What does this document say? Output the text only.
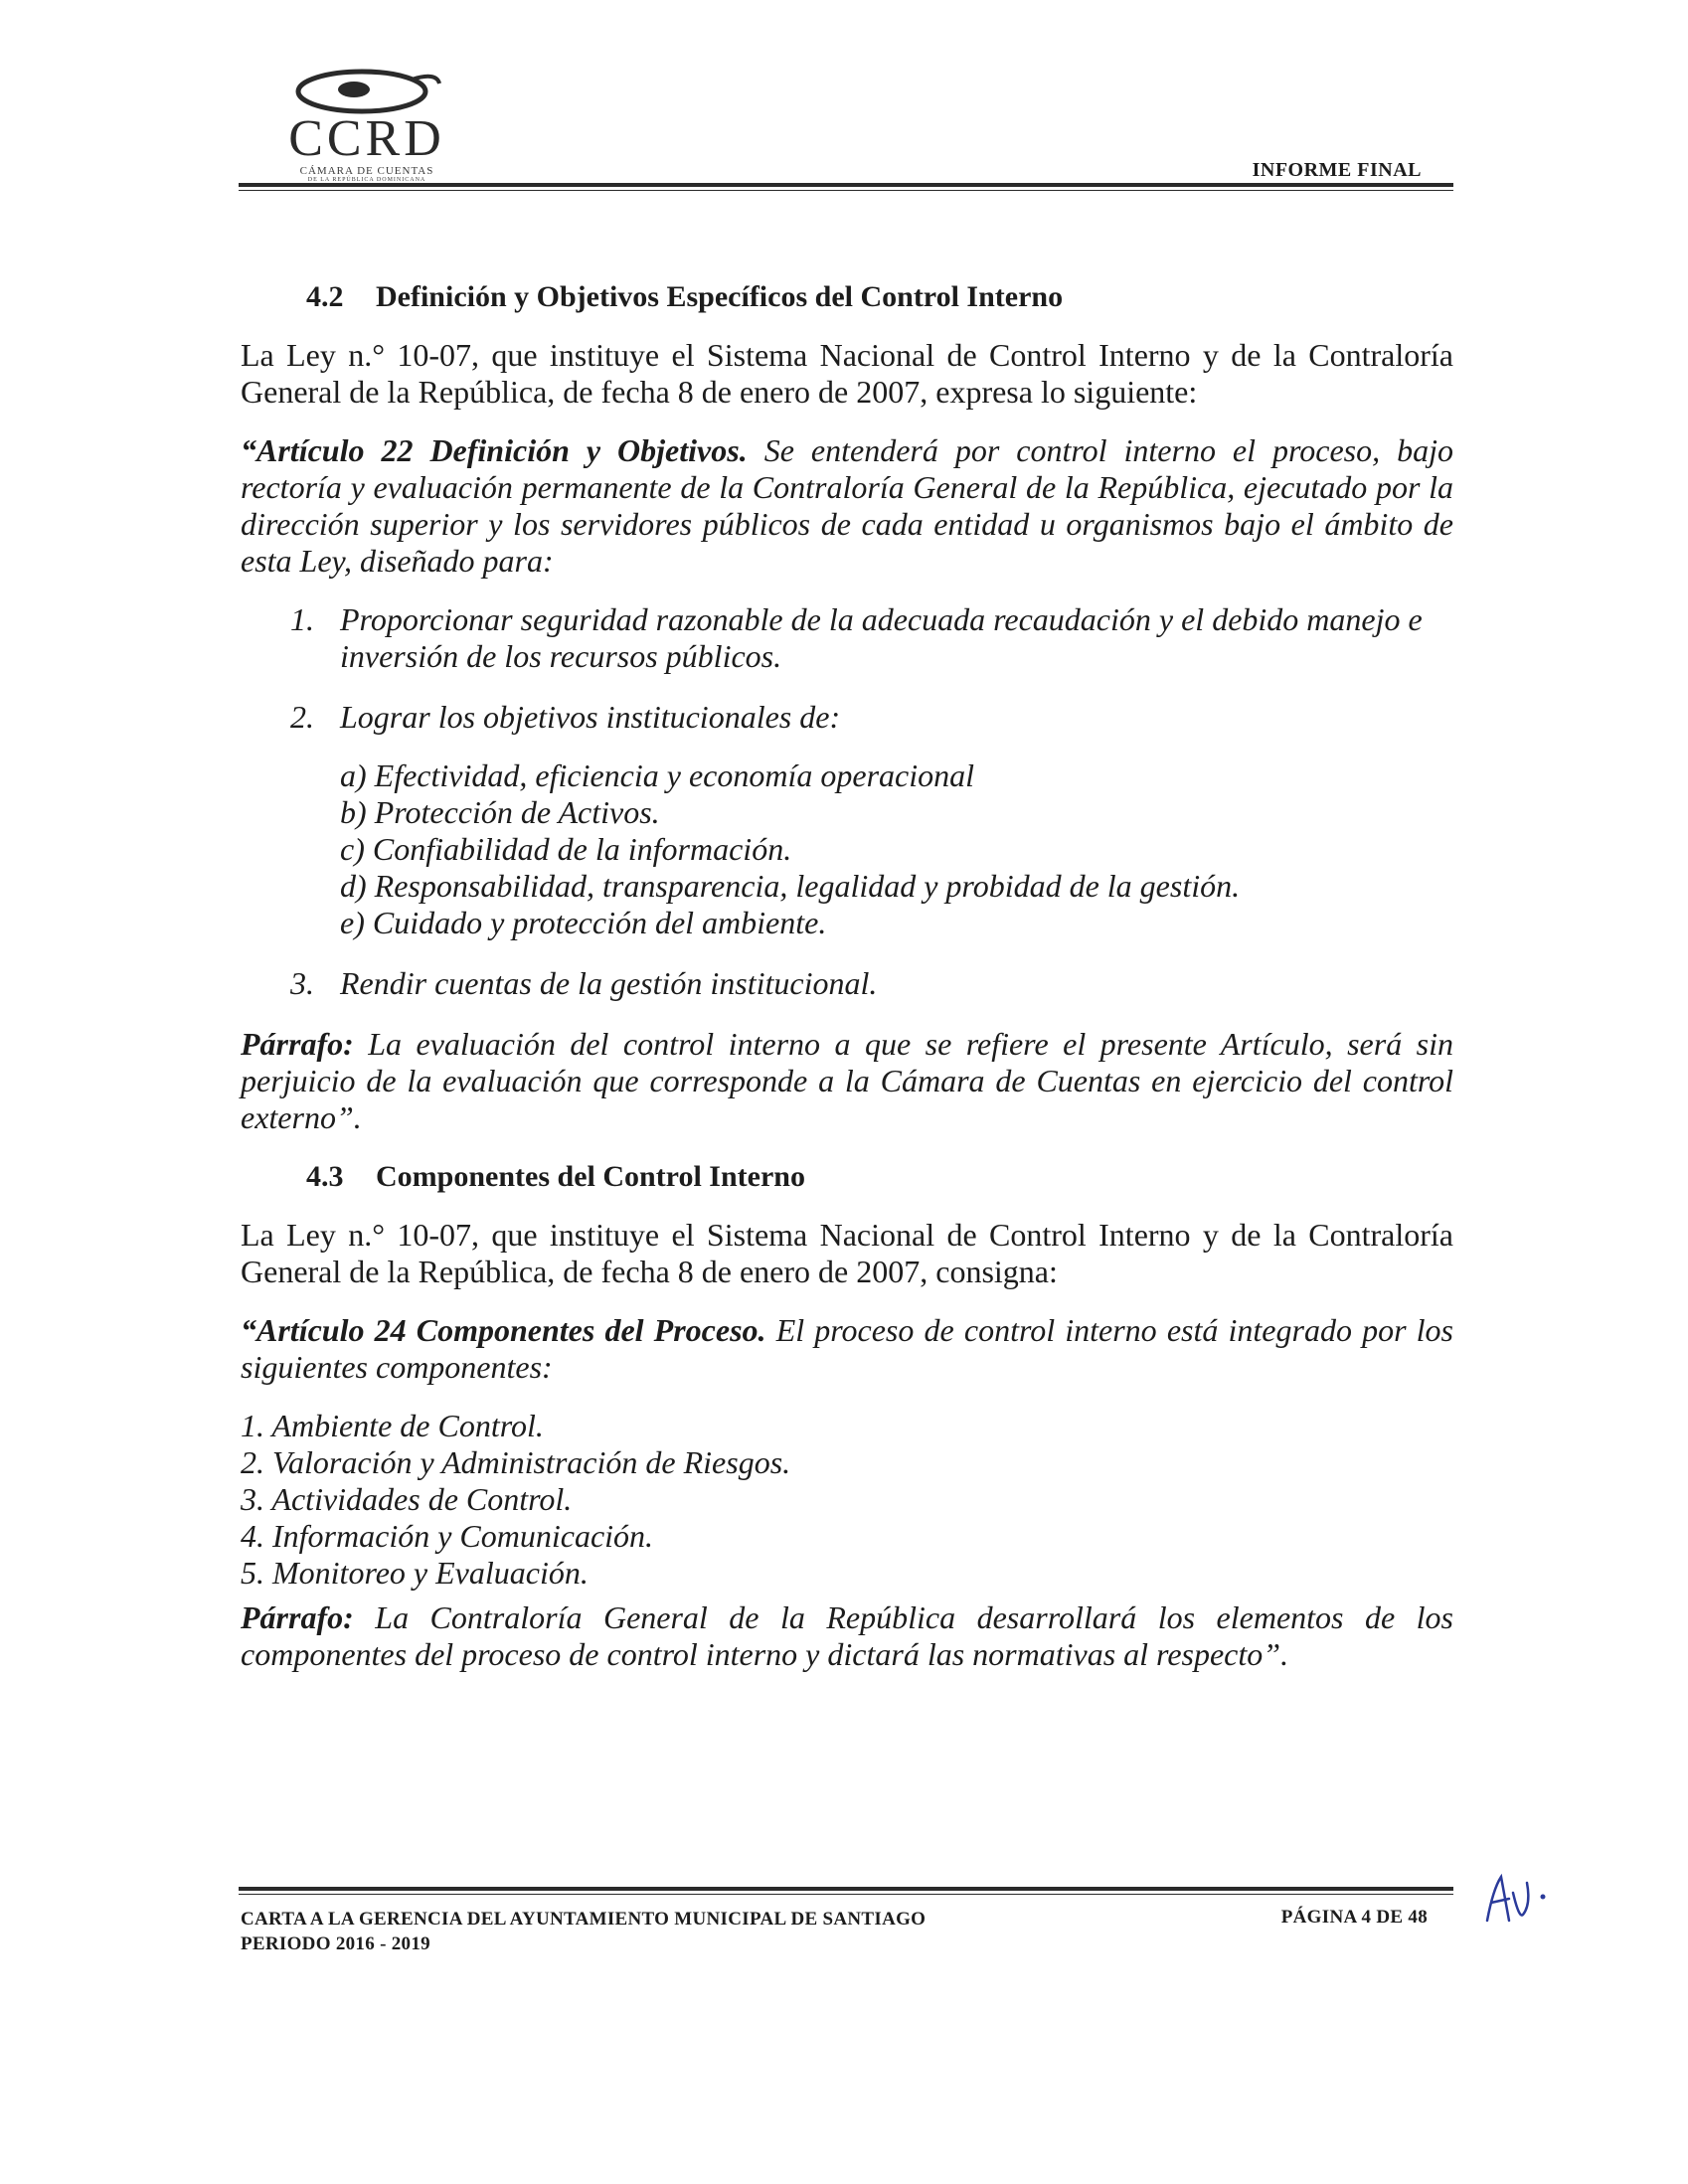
CCRD
CÁMARA DE CUENTAS
DE LA REPÚBLICA DOMINICANA	INFORME FINAL
4.2 Definición y Objetivos Específicos del Control Interno

La Ley n.° 10-07, que instituye el Sistema Nacional de Control Interno y de la Contraloría General de la República, de fecha 8 de enero de 2007, expresa lo siguiente:

“Artículo 22 Definición y Objetivos. Se entenderá por control interno el proceso, bajo rectoría y evaluación permanente de la Contraloría General de la República, ejecutado por la dirección superior y los servidores públicos de cada entidad u organismos bajo el ámbito de esta Ley, diseñado para:

1. Proporcionar seguridad razonable de la adecuada recaudación y el debido manejo e inversión de los recursos públicos.
2. Lograr los objetivos institucionales de:
a) Efectividad, eficiencia y economía operacional
b) Protección de Activos.
c) Confiabilidad de la información.
d) Responsabilidad, transparencia, legalidad y probidad de la gestión.
e) Cuidado y protección del ambiente.
3. Rendir cuentas de la gestión institucional.

Párrafo: La evaluación del control interno a que se refiere el presente Artículo, será sin perjuicio de la evaluación que corresponde a la Cámara de Cuentas en ejercicio del control externo”.

4.3 Componentes del Control Interno

La Ley n.° 10-07, que instituye el Sistema Nacional de Control Interno y de la Contraloría General de la República, de fecha 8 de enero de 2007, consigna:

“Artículo 24 Componentes del Proceso. El proceso de control interno está integrado por los siguientes componentes:

1. Ambiente de Control.
2. Valoración y Administración de Riesgos.
3. Actividades de Control.
4. Información y Comunicación.
5. Monitoreo y Evaluación.

Párrafo: La Contraloría General de la República desarrollará los elementos de los componentes del proceso de control interno y dictará las normativas al respecto”.

CARTA A LA GERENCIA DEL AYUNTAMIENTO MUNICIPAL DE SANTIAGO
PERIODO 2016 - 2019
PÁGINA 4 DE 48
